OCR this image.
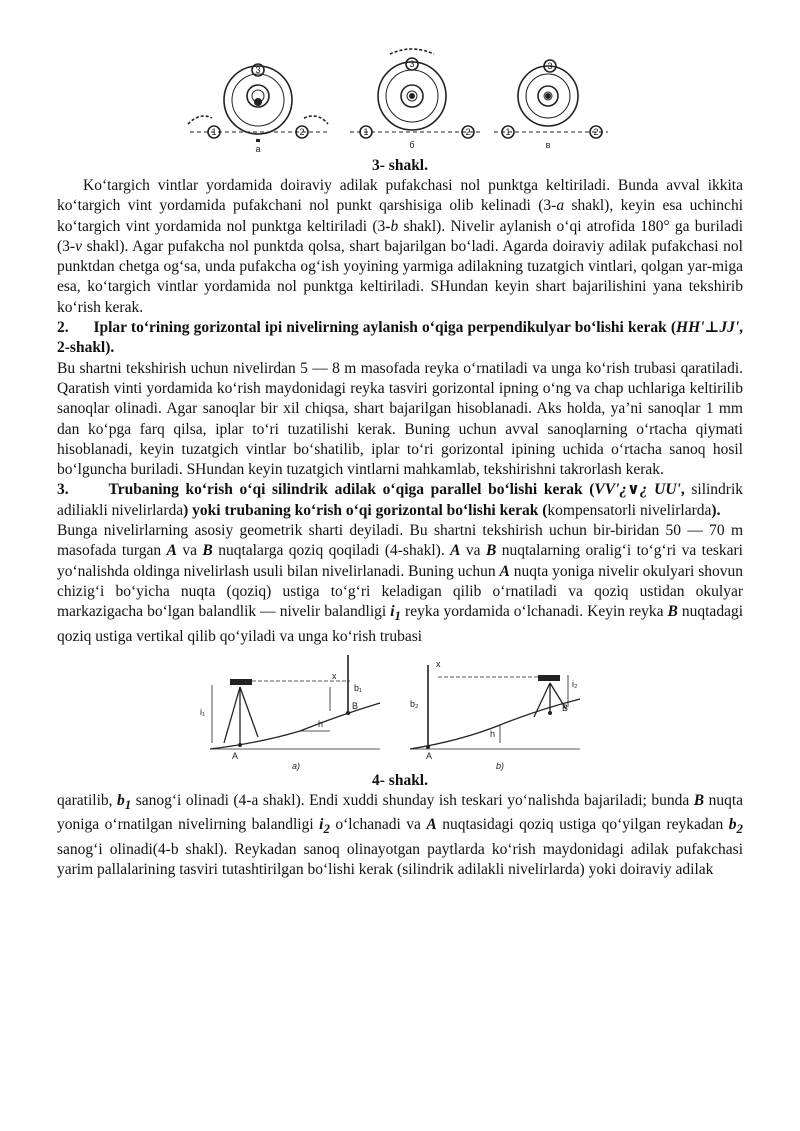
3
1	2
a
3
1	2
б
3
1	2
в
3- shakl.

Ko‘targich vintlar yordamida doiraviy adilak pufakchasi nol punktga keltiriladi. Bunda avval ikkita ko‘targich vint yordamida pufakchani nol punkt qarshisiga olib kelinadi (3-a shakl), keyin esa uchinchi ko‘targich vint yordamida nol punktga keltiriladi (3-b shakl). Nivelir aylanish o‘qi atrofida 180° ga buriladi (3-v shakl). Agar pufakcha nol punktda qolsa, shart bajarilgan bo‘ladi. Agarda doiraviy adilak pufakchasi nol punktdan chetga og‘sa, unda pufakcha og‘ish yoyining yarmiga adilakning tuzatgich vintlari, qolgan yar-miga esa, ko‘targich vintlar yordamida nol punktga keltiriladi. SHundan keyin shart bajarilishini yana tekshirib ko‘rish kerak.

2. Iplar to‘rining gorizontal ipi nivelirning aylanish o‘qiga perpendikulyar bo‘lishi kerak (HH'⊥JJ', 2-shakl).

Bu shartni tekshirish uchun nivelirdan 5 — 8 m masofada reyka o‘rnatiladi va unga ko‘rish trubasi qaratiladi. Qaratish vinti yordamida ko‘rish maydonidagi reyka tasviri gorizontal ipning o‘ng va chap uchlariga keltirilib sanoqlar olinadi. Agar sanoqlar bir xil chiqsa, shart bajarilgan hisoblanadi. Aks holda, ya’ni sanoqlar 1 mm dan ko‘pga farq qilsa, iplar to‘ri tuzatilishi kerak. Buning uchun avval sanoqlarning o‘rtacha qiymati hisoblanadi, keyin tuzatgich vintlar bo‘shatilib, iplar to‘ri gorizontal ipining uchida o‘rtacha sanoq hosil bo‘lguncha buriladi. SHundan keyin tuzatgich vintlarni mahkamlab, tekshirishni takrorlash kerak.

3.	Trubaning ko‘rish o‘qi silindrik adilak o‘qiga parallel bo‘lishi kerak (VV'¿∨¿ UU', silindrik adiliakli nivelirlarda) yoki trubaning ko‘rish o‘qi gorizontal bo‘lishi kerak (kompensatorli nivelirlarda).

Bunga nivelirlarning asosiy geometrik sharti deyiladi. Bu shartni tekshirish uchun bir-biridan 50 — 70 m masofada turgan A va B nuqtalarga qoziq qoqiladi (4-shakl). A va B nuqtalarning oralig‘i to‘g‘ri va teskari yo‘nalishda oldinga nivelirlash usuli bilan nivelirlanadi. Buning uchun A nuqta yoniga nivelir okulyari shovun chizig‘i bo‘yicha nuqta (qoziq) ustiga to‘g‘ri keladigan qilib o‘rnatiladi va qoziq ustidan okulyar markazigacha bo‘lgan balandlik — nivelir balandligi $i_1$ reyka yordamida o‘lchanadi. Keyin reyka B nuqtadagi qoziq ustiga vertikal qilib qo‘yiladi va unga ko‘rish trubasi

x
b₁
B
h
A
i₁
a)
x
i₂
b₂	B
h
A
b)
4- shakl.

qaratilib, $b_1$ sanog‘i olinadi (4-a shakl). Endi xuddi shunday ish teskari yo‘nalishda bajariladi; bunda B nuqta yoniga o‘rnatilgan nivelirning balandligi $i_2$ o‘lchanadi va A nuqtasidagi qoziq ustiga qo‘yilgan reykadan $b_2$ sanog‘i olinadi(4-b shakl). Reykadan sanoq olinayotgan paytlarda ko‘rish maydonidagi adilak pufakchasi yarim pallalarining tasviri tutashtirilgan bo‘lishi kerak (silindrik adilakli nivelirlarda) yoki doiraviy adilak
